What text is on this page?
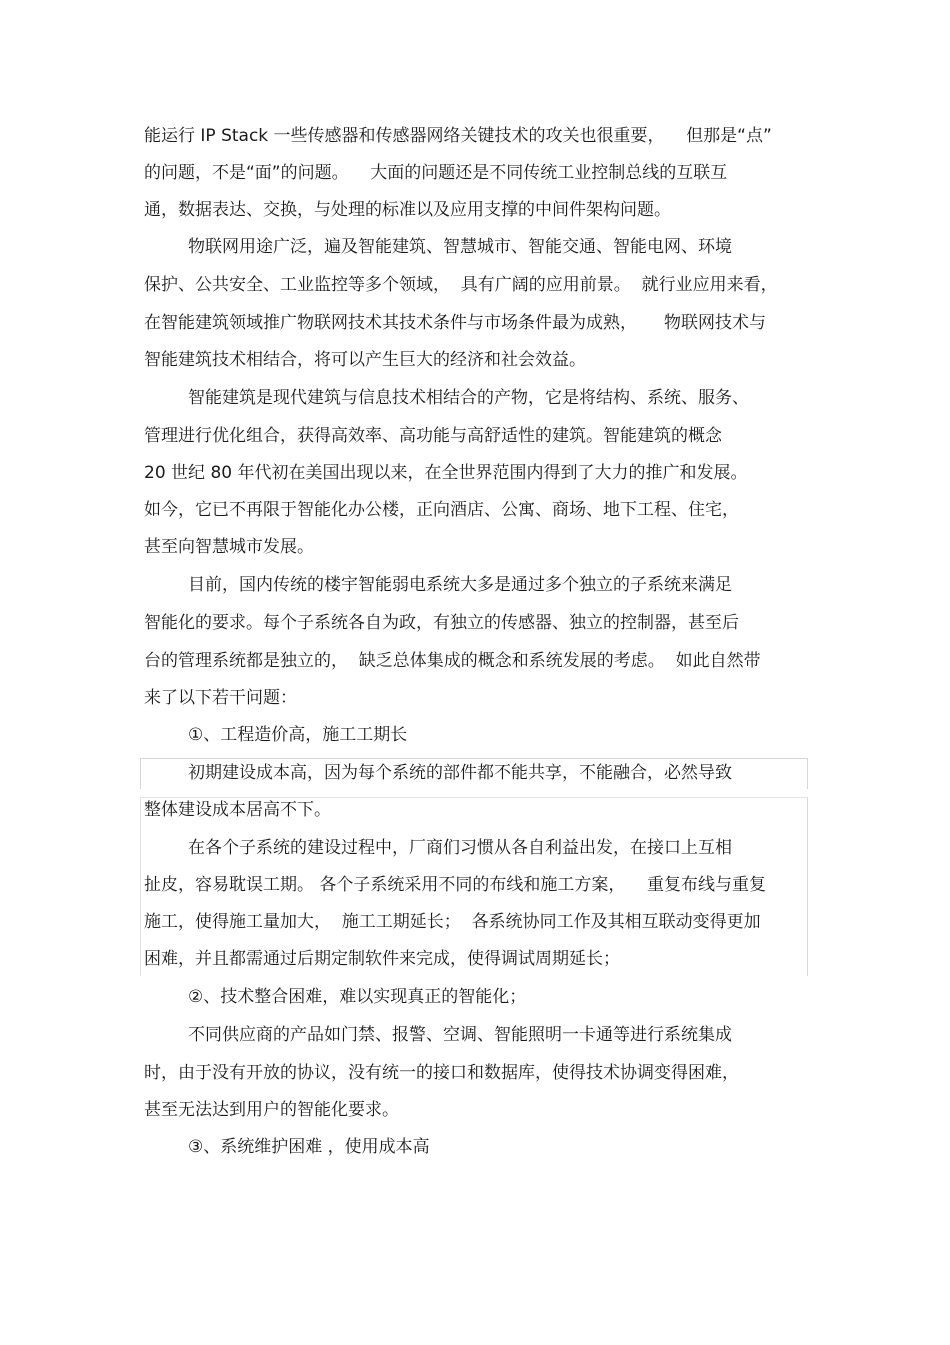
能运行 IP Stack 一些传感器和传感器网络关键技术的攻关也很重要，    但那是“点”
的问题，不是“面”的问题。    大面的问题还是不同传统工业控制总线的互联互
通，数据表达、交换，与处理的标准以及应用支撑的中间件架构问题。
物联网用途广泛，遍及智能建筑、智慧城市、智能交通、智能电网、环境
保护、公共安全、工业监控等多个领域，  具有广阔的应用前景。  就行业应用来看，
在智能建筑领域推广物联网技术其技术条件与市场条件最为成熟，     物联网技术与
智能建筑技术相结合，将可以产生巨大的经济和社会效益。
智能建筑是现代建筑与信息技术相结合的产物，它是将结构、系统、服务、
管理进行优化组合，获得高效率、高功能与高舒适性的建筑。智能建筑的概念
20 世纪 80 年代初在美国出现以来，在全世界范围内得到了大力的推广和发展。
如今，它已不再限于智能化办公楼，正向酒店、公寓、商场、地下工程、住宅，
甚至向智慧城市发展。
目前，国内传统的楼宇智能弱电系统大多是通过多个独立的子系统来满足
智能化的要求。每个子系统各自为政，有独立的传感器、独立的控制器，甚至后
台的管理系统都是独立的，  缺乏总体集成的概念和系统发展的考虑。  如此自然带
来了以下若干问题：
①、工程造价高，施工工期长
初期建设成本高，因为每个系统的部件都不能共享，不能融合，必然导致
整体建设成本居高不下。
在各个子系统的建设过程中，厂商们习惯从各自利益出发，在接口上互相
扯皮，容易耽误工期。 各个子系统采用不同的布线和施工方案，    重复布线与重复
施工，使得施工量加大，  施工工期延长；  各系统协同工作及其相互联动变得更加
困难，并且都需通过后期定制软件来完成，使得调试周期延长；
②、技术整合困难，难以实现真正的智能化；
不同供应商的产品如门禁、报警、空调、智能照明一卡通等进行系统集成
时，由于没有开放的协议，没有统一的接口和数据库，使得技术协调变得困难，
甚至无法达到用户的智能化要求。
③、系统维护困难 ，使用成本高
